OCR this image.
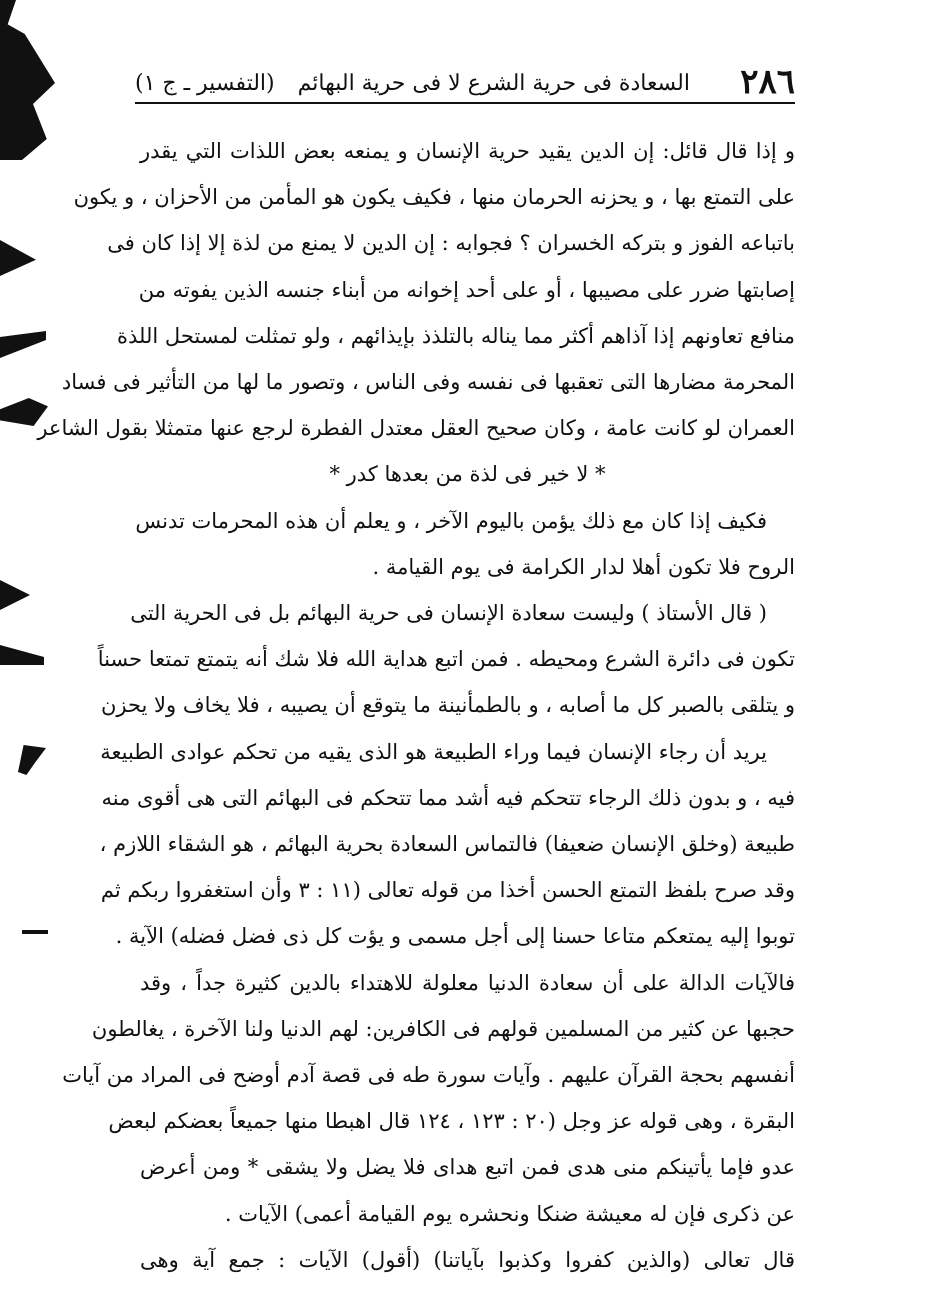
٢٨٦
السعادة فى حرية الشرع لا فى حرية البهائم
(التفسير ـ ج ١)
و إذا قال قائل: إن الدين يقيد حرية الإنسان و يمنعه بعض اللذات التي يقدر
على التمتع بها ، و يحزنه الحرمان منها ، فكيف يكون هو المأمن من الأحزان ، و يكون
باتباعه الفوز و بتركه الخسران ؟ فجوابه : إن الدين لا يمنع من لذة إلا إذا كان فى
إصابتها ضرر على مصيبها ، أو على أحد إخوانه من أبناء جنسه الذين يفوته من
منافع تعاونهم إذا آذاهم أكثر مما يناله بالتلذذ بإيذائهم ، ولو تمثلت لمستحل اللذة
المحرمة مضارها التى تعقبها فى نفسه وفى الناس ، وتصور ما لها من التأثير فى فساد
العمران لو كانت عامة ، وكان صحيح العقل معتدل الفطرة لرجع عنها متمثلا بقول الشاعر
* لا خير فى لذة من بعدها كدر *
فكيف إذا كان مع ذلك يؤمن باليوم الآخر ، و يعلم أن هذه المحرمات تدنس
الروح فلا تكون أهلا لدار الكرامة فى يوم القيامة .
( قال الأستاذ ) وليست سعادة الإنسان فى حرية البهائم بل فى الحرية التى
تكون فى دائرة الشرع ومحيطه . فمن اتبع هداية الله فلا شك أنه يتمتع تمتعا حسناً
و يتلقى بالصبر كل ما أصابه ، و بالطمأنينة ما يتوقع أن يصيبه ، فلا يخاف ولا يحزن
يريد أن رجاء الإنسان فيما وراء الطبيعة هو الذى يقيه من تحكم عوادى الطبيعة
فيه ، و بدون ذلك الرجاء تتحكم فيه أشد مما تتحكم فى البهائم التى هى أقوى منه
طبيعة (وخلق الإنسان ضعيفا) فالتماس السعادة بحرية البهائم ، هو الشقاء اللازم ،
وقد صرح بلفظ التمتع الحسن أخذا من قوله تعالى (١١ : ٣ وأن استغفروا ربكم ثم
توبوا إليه يمتعكم متاعا حسنا إلى أجل مسمى و يؤت كل ذى فضل فضله) الآية .
فالآيات الدالة على أن سعادة الدنيا معلولة للاهتداء بالدين كثيرة جداً ، وقد
حجبها عن كثير من المسلمين قولهم فى الكافرين: لهم الدنيا ولنا الآخرة ، يغالطون
أنفسهم بحجة القرآن عليهم . وآيات سورة طه فى قصة آدم أوضح فى المراد من آيات
البقرة ، وهى قوله عز وجل (٢٠ : ١٢٣ ، ١٢٤ قال اهبطا منها جميعاً بعضكم لبعض
عدو فإما يأتينكم منى هدى فمن اتبع هداى فلا يضل ولا يشقى * ومن أعرض
عن ذكرى فإن له معيشة ضنكا ونحشره يوم القيامة أعمى) الآيات .
قال تعالى (والذين كفروا وكذبوا بآياتنا) (أقول) الآيات : جمع آية وهى
